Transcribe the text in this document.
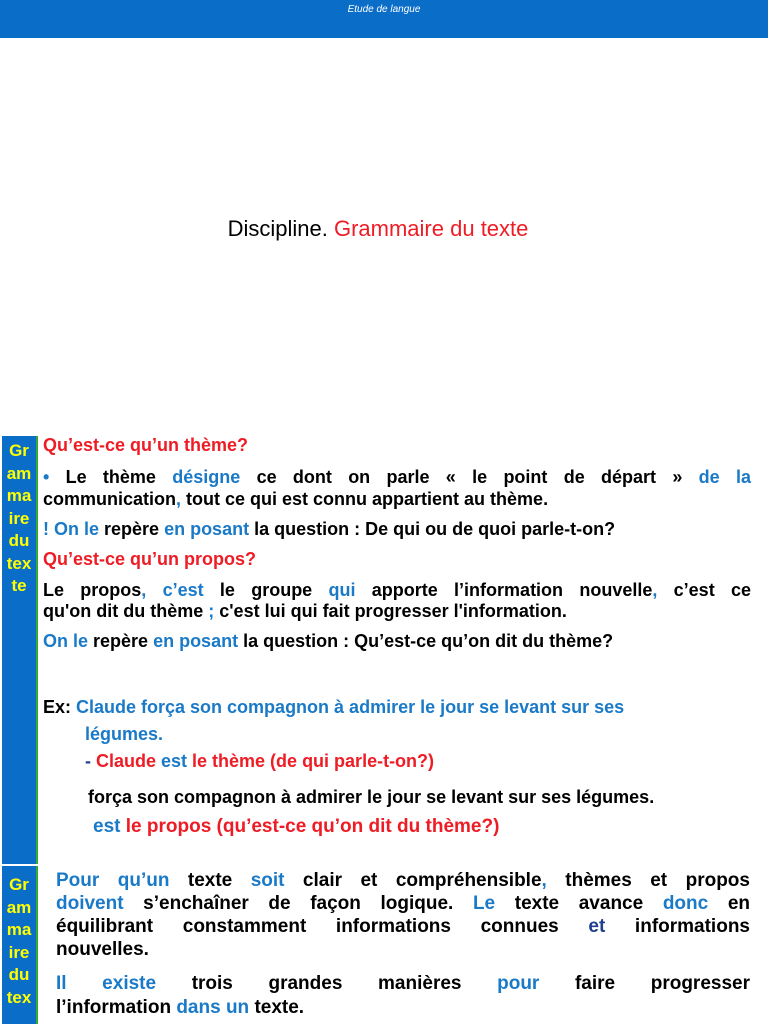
Etude de langue
Discipline. Grammaire du texte
Gr
am
ma
ire
du
tex
te
Qu’est-ce qu’un thème?
• Le thème désigne ce dont on parle « le point de départ » de la
communication, tout ce qui est connu appartient au thème.
! On le repère en posant la question : De qui ou de quoi parle-t-on?
Qu’est-ce qu’un propos?
Le propos, c’est le groupe qui apporte l’information nouvelle, c’est ce
qu'on dit du thème ; c'est lui qui fait progresser l'information.
On le repère en posant la question : Qu’est-ce qu’on dit du thème?
Ex: Claude força son compagnon à admirer le jour se levant sur ses
légumes.
- Claude est le thème (de qui parle-t-on?)
força son compagnon à admirer le jour se levant sur ses légumes.
est le propos (qu’est-ce qu’on dit du thème?)
Gr
am
ma
ire
du
tex
Pour qu’un texte soit clair et compréhensible, thèmes et propos
doivent s’enchaîner de façon logique. Le texte avance donc en
équilibrant constamment informations connues et informations
nouvelles.
Il existe trois grandes manières pour faire progresser
l’information dans un texte.
